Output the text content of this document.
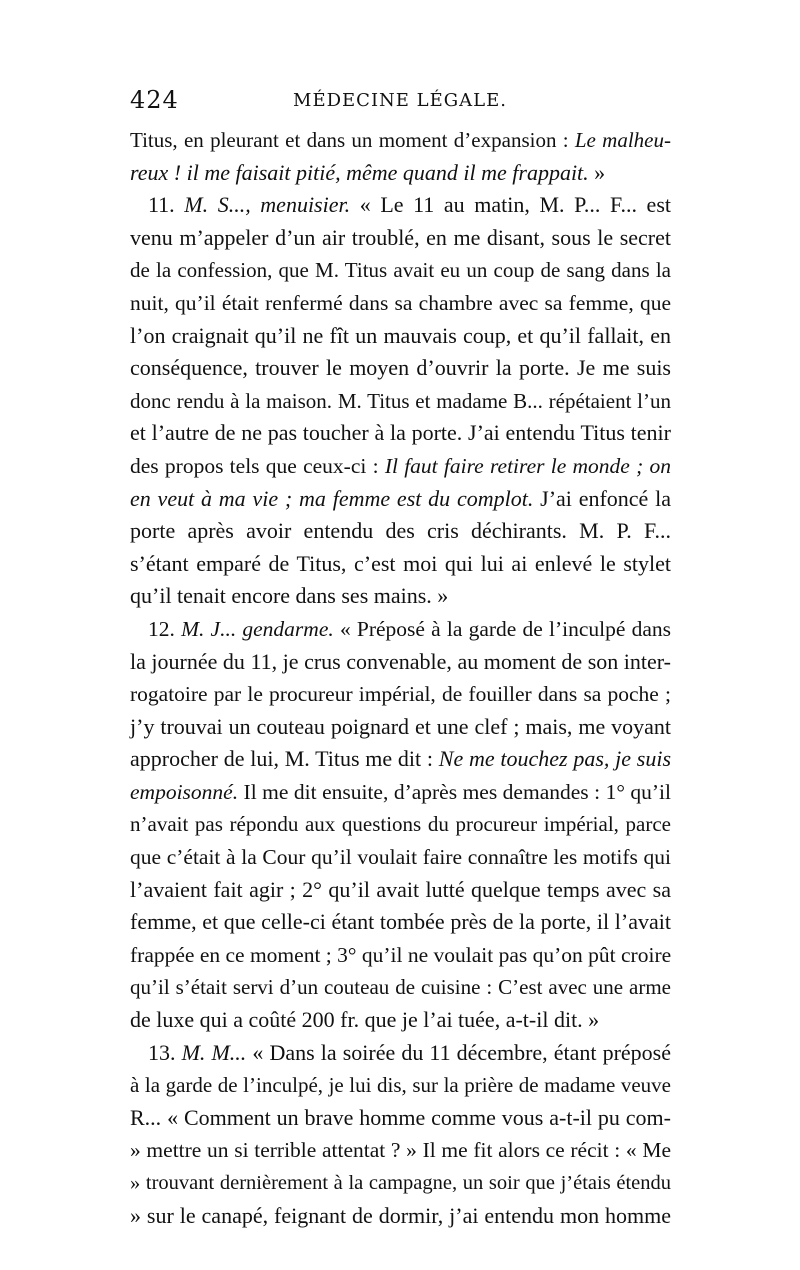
424	MÉDECINE LÉGALE.
Titus, en pleurant et dans un moment d’expansion : Le malheu-
reux ! il me faisait pitié, même quand il me frappait. »
11. M. S..., menuisier. « Le 11 au matin, M. P... F... est
venu m’appeler d’un air troublé, en me disant, sous le secret
de la confession, que M. Titus avait eu un coup de sang dans la
nuit, qu’il était renfermé dans sa chambre avec sa femme, que
l’on craignait qu’il ne fît un mauvais coup, et qu’il fallait, en
conséquence, trouver le moyen d’ouvrir la porte. Je me suis
donc rendu à la maison. M. Titus et madame B... répétaient l’un
et l’autre de ne pas toucher à la porte. J’ai entendu Titus tenir
des propos tels que ceux-ci : Il faut faire retirer le monde ; on
en veut à ma vie ; ma femme est du complot. J’ai enfoncé la
porte après avoir entendu des cris déchirants. M. P. F...
s’étant emparé de Titus, c’est moi qui lui ai enlevé le stylet
qu’il tenait encore dans ses mains. »
12. M. J... gendarme. « Préposé à la garde de l’inculpé dans
la journée du 11, je crus convenable, au moment de son inter-
rogatoire par le procureur impérial, de fouiller dans sa poche ;
j’y trouvai un couteau poignard et une clef ; mais, me voyant
approcher de lui, M. Titus me dit : Ne me touchez pas, je suis
empoisonné. Il me dit ensuite, d’après mes demandes : 1° qu’il
n’avait pas répondu aux questions du procureur impérial, parce
que c’était à la Cour qu’il voulait faire connaître les motifs qui
l’avaient fait agir ; 2° qu’il avait lutté quelque temps avec sa
femme, et que celle-ci étant tombée près de la porte, il l’avait
frappée en ce moment ; 3° qu’il ne voulait pas qu’on pût croire
qu’il s’était servi d’un couteau de cuisine : C’est avec une arme
de luxe qui a coûté 200 fr. que je l’ai tuée, a-t-il dit. »
13. M. M... « Dans la soirée du 11 décembre, étant préposé
à la garde de l’inculpé, je lui dis, sur la prière de madame veuve
R... « Comment un brave homme comme vous a-t-il pu com-
» mettre un si terrible attentat ? » Il me fit alors ce récit : « Me
» trouvant dernièrement à la campagne, un soir que j’étais étendu
» sur le canapé, feignant de dormir, j’ai entendu mon homme
